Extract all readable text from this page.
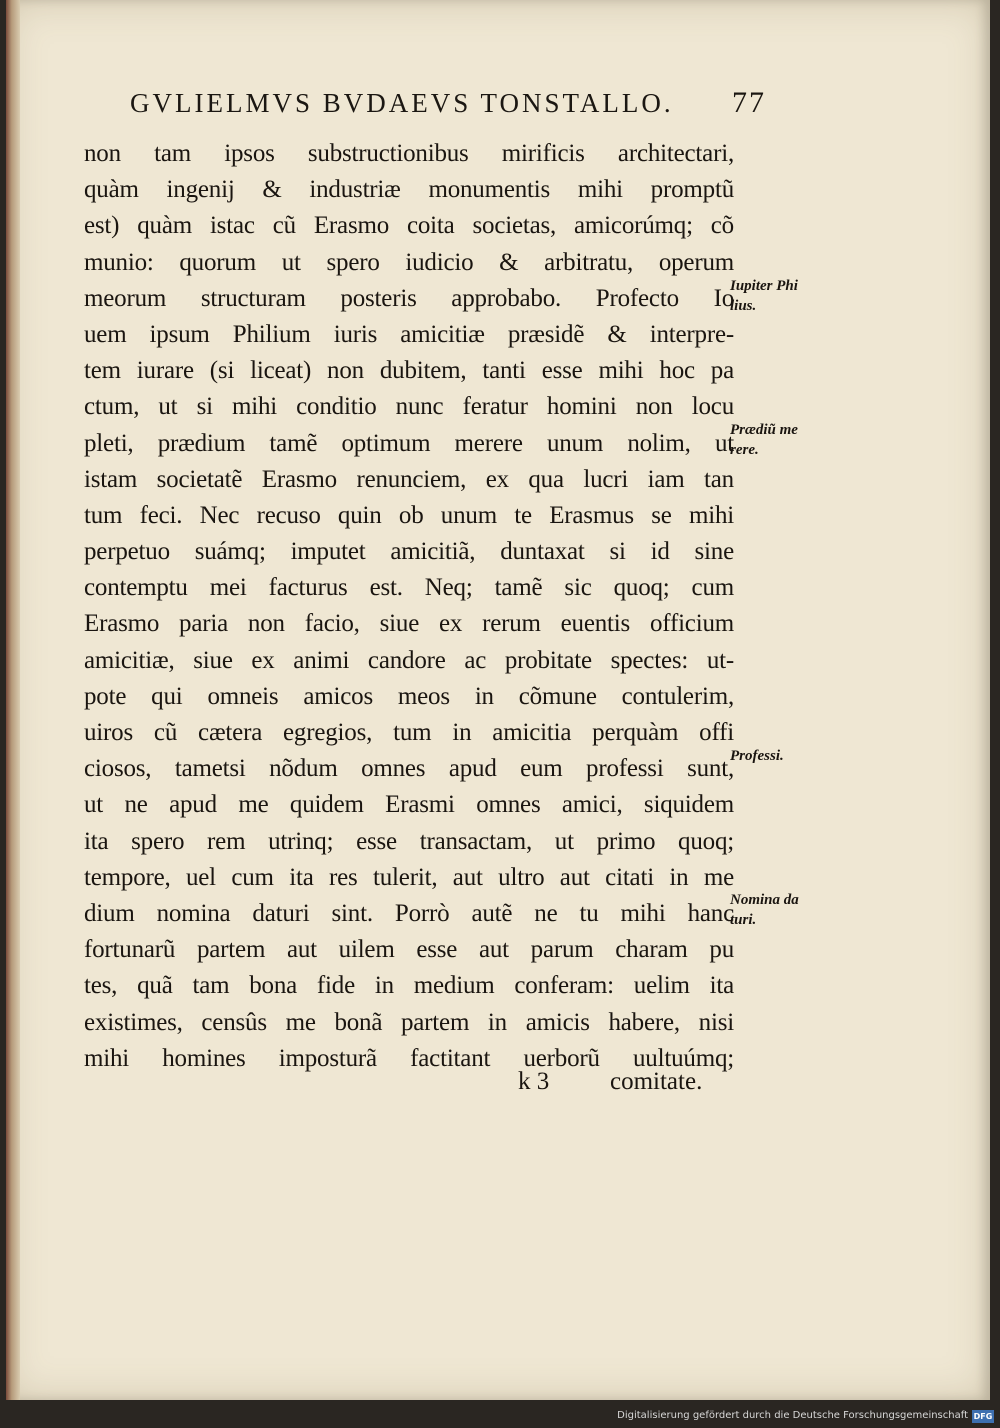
GVLIELMVS BVDAEVS TONSTALLO. 77
non tam ipsos substructionibus mirificis architectari,
quàm ingenij & industriæ monumentis mihi promptũ
est) quàm istac cũ Erasmo coita societas, amicorúmq; cõ
munio: quorum ut spero iudicio & arbitratu, operum
meorum structuram posteris approbabo. Profecto Io
uem ipsum Philium iuris amicitiæ præsidẽ & interpre-
tem iurare (si liceat) non dubitem, tanti esse mihi hoc pa
ctum, ut si mihi conditio nunc feratur homini non locu
pleti, prædium tamẽ optimum merere unum nolim, ut
istam societatẽ Erasmo renunciem, ex qua lucri iam tan
tum feci. Nec recuso quin ob unum te Erasmus se mihi
perpetuo suámq; imputet amicitiã, duntaxat si id sine
contemptu mei facturus est. Neq; tamẽ sic quoq; cum
Erasmo paria non facio, siue ex rerum euentis officium
amicitiæ, siue ex animi candore ac probitate spectes: ut-
pote qui omneis amicos meos in cõmune contulerim,
uiros cũ cætera egregios, tum in amicitia perquàm offi
ciosos, tametsi nõdum omnes apud eum professi sunt,
ut ne apud me quidem Erasmi omnes amici, siquidem
ita spero rem utrinq; esse transactam, ut primo quoq;
tempore, uel cum ita res tulerit, aut ultro aut citati in me
dium nomina daturi sint. Porrò autẽ ne tu mihi hanc
fortunarũ partem aut uilem esse aut parum charam pu
tes, quã tam bona fide in medium conferam: uelim ita
existimes, censûs me bonã partem in amicis habere, nisi
mihi homines imposturã factitant uerborũ uultuúmq;
k 3 comitate.
Iupiter Phi
lius.
Prædiũ me
rere.
Professi.
Nomina da
turi.
Digitalisierung gefördert durch die Deutsche Forschungsgemeinschaft DFG
